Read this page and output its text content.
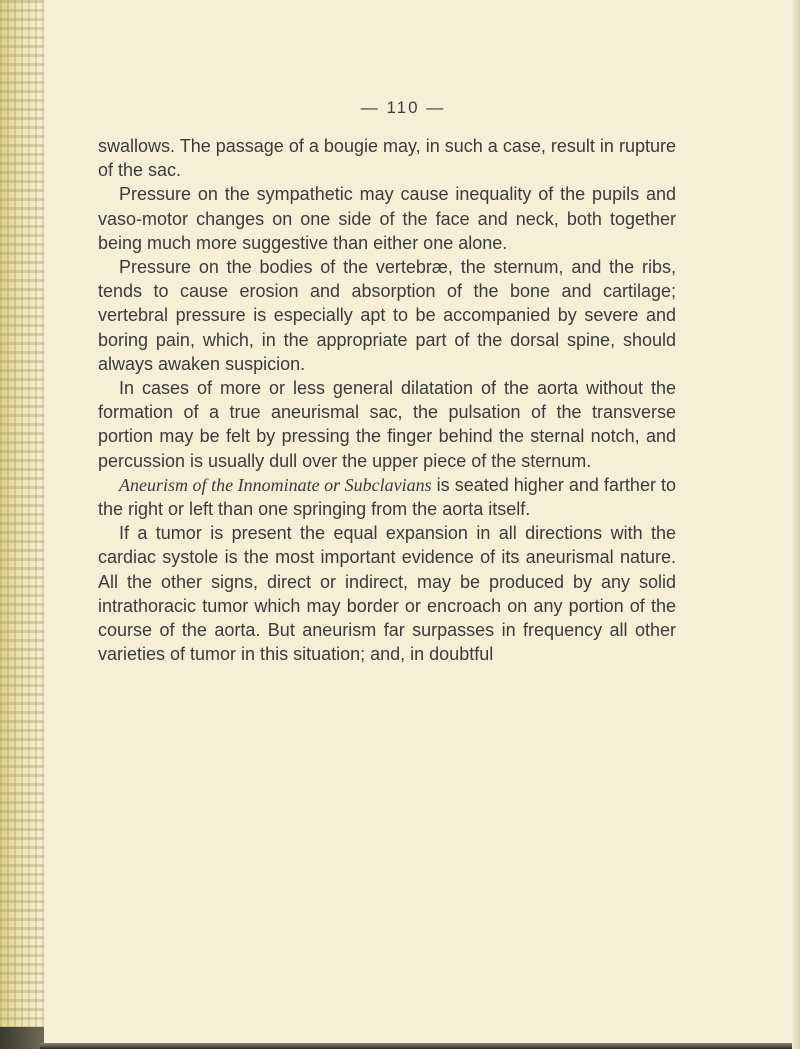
— 110 —

swallows. The passage of a bougie may, in such a case, result in rupture of the sac.

Pressure on the sympathetic may cause inequality of the pupils and vaso-motor changes on one side of the face and neck, both together being much more suggestive than either one alone.

Pressure on the bodies of the vertebræ, the sternum, and the ribs, tends to cause erosion and absorption of the bone and cartilage; vertebral pressure is especially apt to be accompanied by severe and boring pain, which, in the appropriate part of the dorsal spine, should always awaken suspicion.

In cases of more or less general dilatation of the aorta without the formation of a true aneurismal sac, the pulsation of the transverse portion may be felt by pressing the finger behind the sternal notch, and percussion is usually dull over the upper piece of the sternum.

Aneurism of the Innominate or Subclavians is seated higher and farther to the right or left than one springing from the aorta itself.

If a tumor is present the equal expansion in all directions with the cardiac systole is the most important evidence of its aneurismal nature. All the other signs, direct or indirect, may be produced by any solid intrathoracic tumor which may border or encroach on any portion of the course of the aorta. But aneurism far surpasses in frequency all other varieties of tumor in this situation; and, in doubtful
